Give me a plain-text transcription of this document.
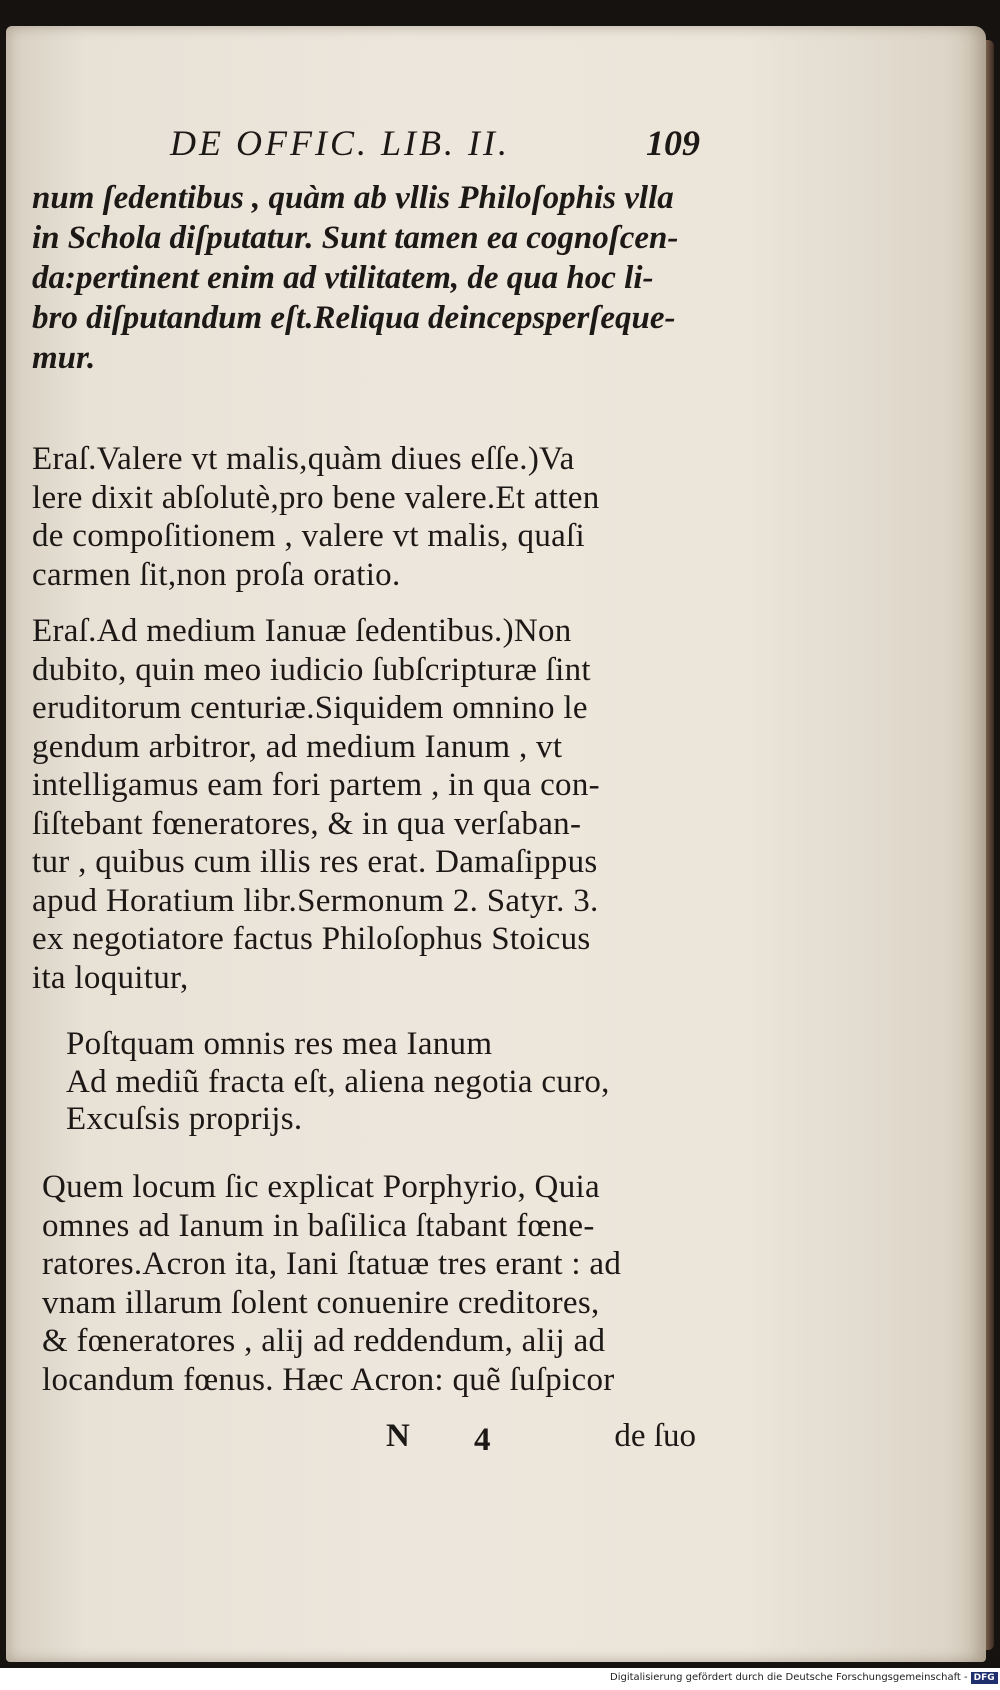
DE OFFIC. LIB. II.	109
num ſedentibus , quàm ab vllis Philoſophis vlla
in Schola diſputatur. Sunt tamen ea cognoſcen-
da:pertinent enim ad vtilitatem, de qua hoc li-
bro diſputandum eſt.Reliqua deincepsperſeque-
mur.
Eraſ.Valere vt malis,quàm diues eſſe.)Va
lere dixit abſolutè,pro bene valere.Et atten
de compoſitionem , valere vt malis, quaſi
carmen ſit,non proſa oratio.
Eraſ.Ad medium Ianuæ ſedentibus.)Non
dubito, quin meo iudicio ſubſcripturæ ſint
eruditorum centuriæ.Siquidem omnino le
gendum arbitror, ad medium Ianum , vt
intelligamus eam fori partem , in qua con-
ſiſtebant fœneratores, & in qua verſaban-
tur , quibus cum illis res erat. Damaſippus
apud Horatium libr.Sermonum 2. Satyr. 3.
ex negotiatore factus Philoſophus Stoicus
ita loquitur,
Poſtquam omnis res mea Ianum
Ad mediũ fracta eſt, aliena negotia curo,
Excuſsis proprijs.
Quem locum ſic explicat Porphyrio, Quia
omnes ad Ianum in baſilica ſtabant fœne-
ratores.Acron ita, Iani ſtatuæ tres erant : ad
vnam illarum ſolent conuenire creditores,
& fœneratores , alij ad reddendum, alij ad
locandum fœnus. Hæc Acron: quẽ ſuſpicor
N 4	de ſuo
Digitalisierung gefördert durch die Deutsche Forschungsgemeinschaft - DFG
